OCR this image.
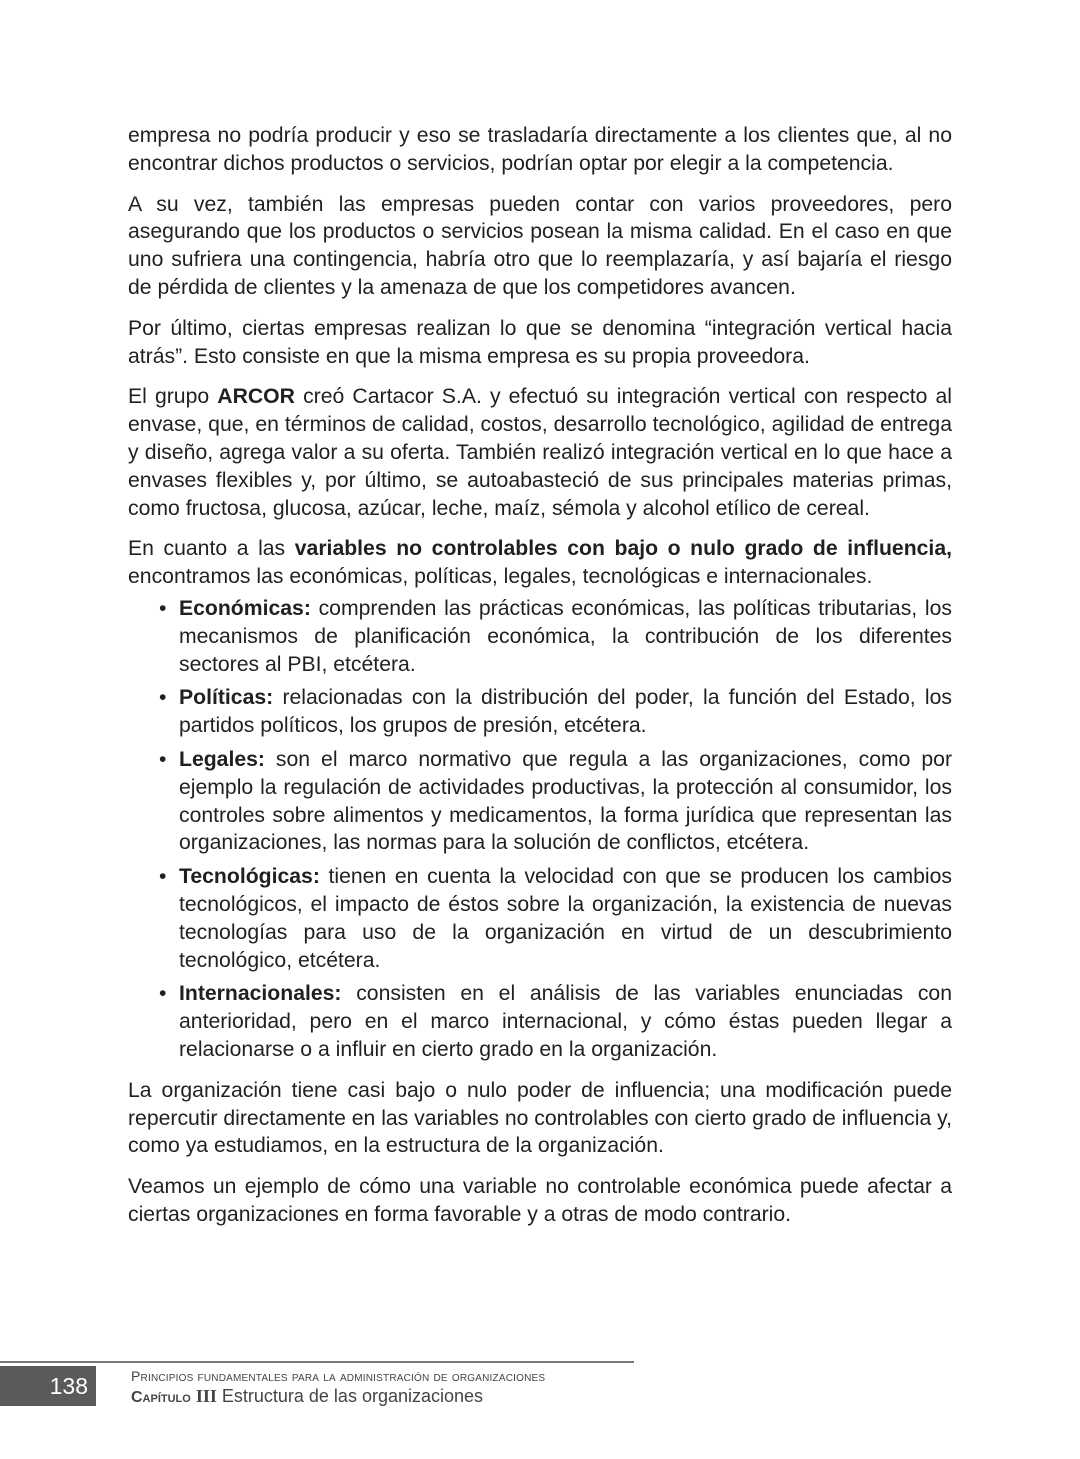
empresa no podría producir y eso se trasladaría directamente a los clientes que, al no encontrar dichos productos o servicios, podrían optar por elegir a la competencia.

A su vez, también las empresas pueden contar con varios proveedores, pero asegurando que los productos o servicios posean la misma calidad. En el caso en que uno sufriera una contingencia, habría otro que lo reemplazaría, y así bajaría el riesgo de pérdida de clientes y la amenaza de que los competidores avancen.

Por último, ciertas empresas realizan lo que se denomina “integración vertical hacia atrás”. Esto consiste en que la misma empresa es su propia proveedora.

El grupo ARCOR creó Cartacor S.A. y efectuó su integración vertical con respecto al envase, que, en términos de calidad, costos, desarrollo tecnológico, agilidad de entrega y diseño, agrega valor a su oferta. También realizó integración vertical en lo que hace a envases flexibles y, por último, se autoabasteció de sus principales materias primas, como fructosa, glucosa, azúcar, leche, maíz, sémola y alcohol etílico de cereal.

En cuanto a las variables no controlables con bajo o nulo grado de influencia, encontramos las económicas, políticas, legales, tecnológicas e internacionales.

• Económicas: comprenden las prácticas económicas, las políticas tributarias, los mecanismos de planificación económica, la contribución de los diferentes sectores al PBI, etcétera.
• Políticas: relacionadas con la distribución del poder, la función del Estado, los partidos políticos, los grupos de presión, etcétera.
• Legales: son el marco normativo que regula a las organizaciones, como por ejemplo la regulación de actividades productivas, la protección al consumidor, los controles sobre alimentos y medicamentos, la forma jurídica que representan las organizaciones, las normas para la solución de conflictos, etcétera.
• Tecnológicas: tienen en cuenta la velocidad con que se producen los cambios tecnológicos, el impacto de éstos sobre la organización, la existencia de nuevas tecnologías para uso de la organización en virtud de un descubrimiento tecnológico, etcétera.
• Internacionales: consisten en el análisis de las variables enunciadas con anterioridad, pero en el marco internacional, y cómo éstas pueden llegar a relacionarse o a influir en cierto grado en la organización.

La organización tiene casi bajo o nulo poder de influencia; una modificación puede repercutir directamente en las variables no controlables con cierto grado de influencia y, como ya estudiamos, en la estructura de la organización.

Veamos un ejemplo de cómo una variable no controlable económica puede afectar a ciertas organizaciones en forma favorable y a otras de modo contrario.

138	Principios fundamentales para la administración de organizaciones
Capítulo III Estructura de las organizaciones
